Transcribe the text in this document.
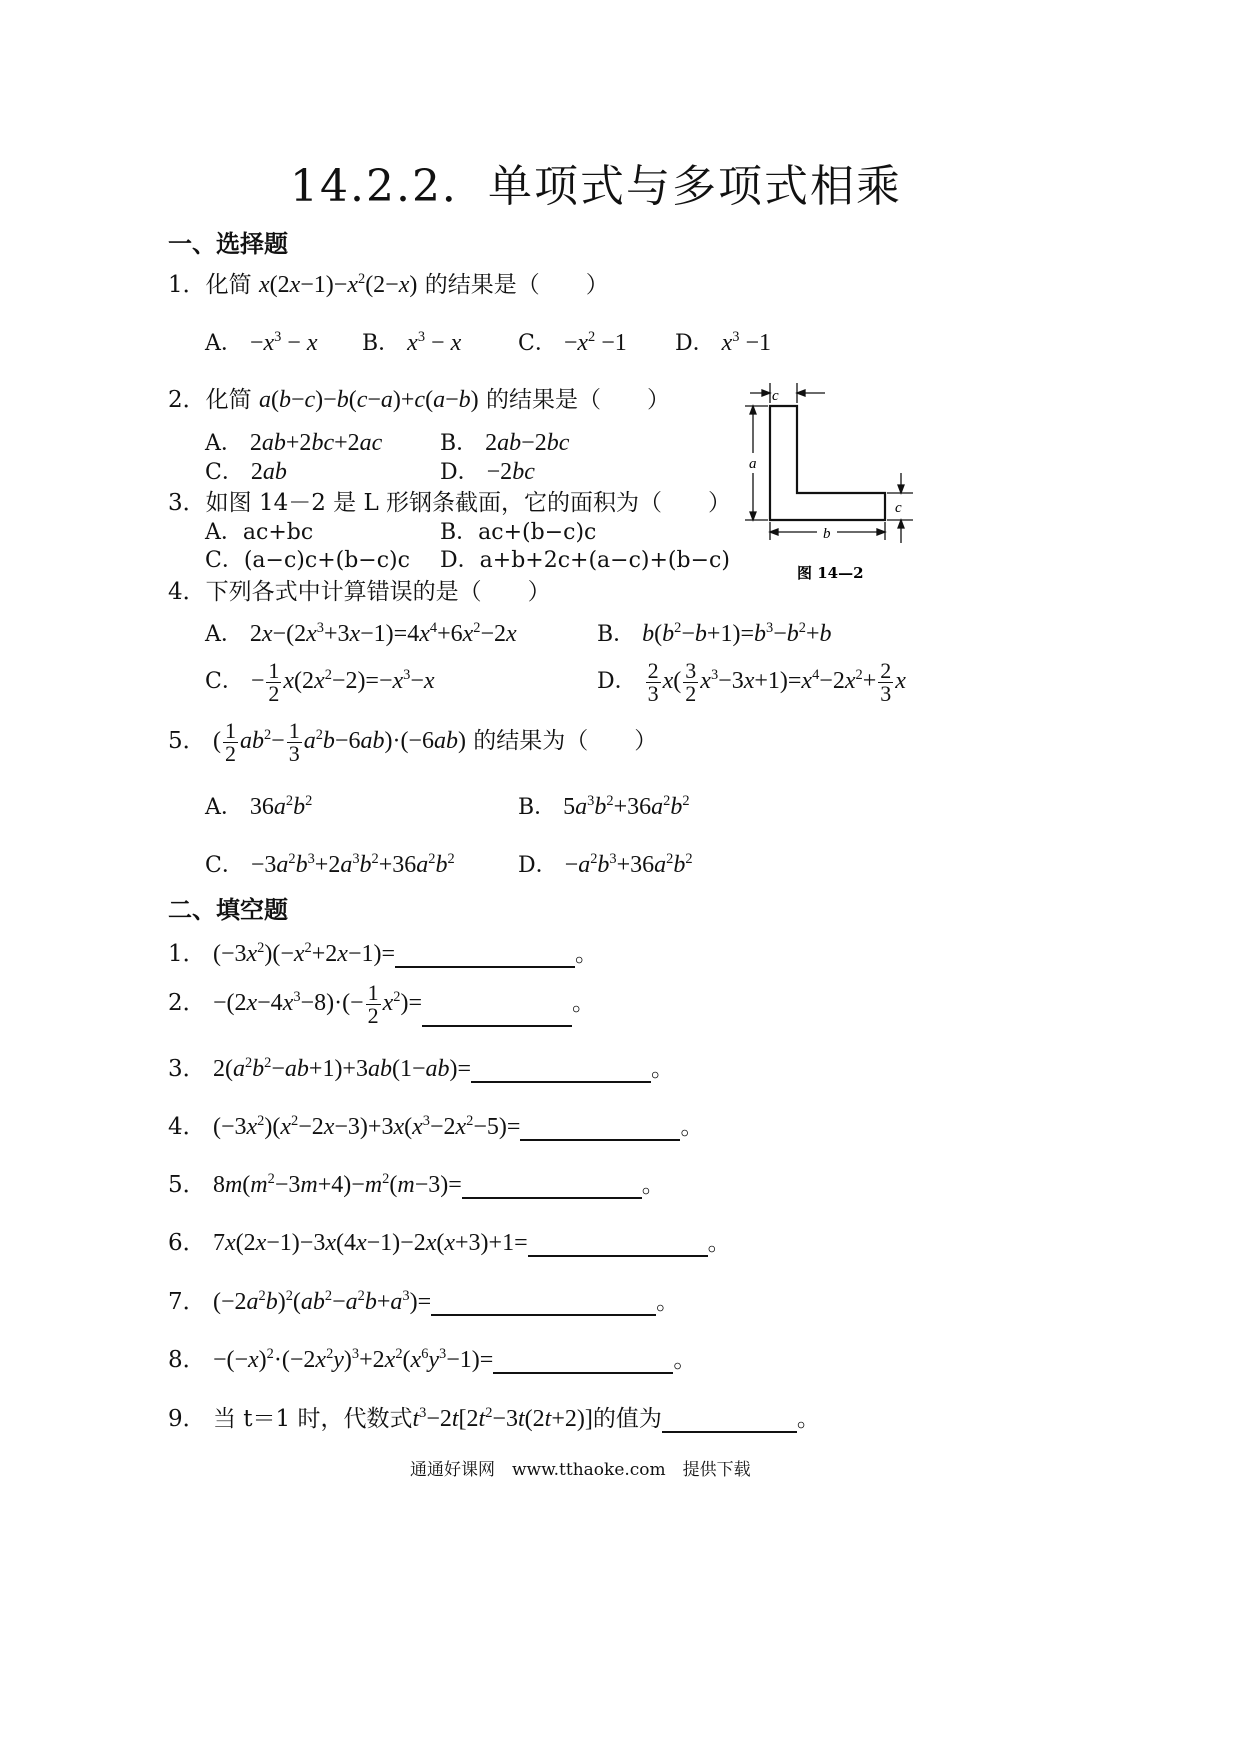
14.2.2．单项式与多项式相乘
一、选择题
1．化简 $x(2x-1)-x^2(2-x)$ 的结果是（　　）
A． $-x^3 - x$ B． $x^3 - x$	C． $-x^2 -1$ D． $x^3 -1$
2．化简 a(b−c)−b(c−a)+c(a−b) 的结果是（　　）
A． 2ab+2bc+2ac	B． 2ab−2bc
C． 2ab	D． −2bc
3．如图 14－2 是 L 形钢条截面，它的面积为（　　）
A．ac+bc	B．ac+(b−c)c
C．(a−c)c+(b−c)c D．a+b+2c+(a−c)+(b−c)
c
a
c
b
图 14—2
4．下列各式中计算错误的是（　　）
A． $2x-(2x^3+3x-1)=4x^4+6x^2-2x$	B． $b(b^2-b+1)=b^3-b^2+b$
C． − $\frac{1}{2} x(2x^2-2)=-x^3-x$	D． $\frac{2}{3} x( \frac{3}{2} x^3-3x+1)=x^4-2x^2+ \frac{2}{3}$ x
5． ( $\frac{1}{2} ab^2- \frac{1}{3} a^2b-6ab)\cdot(-6ab)$ 的结果为（　　）
A． $36a^2b^2$	B． $5a^3b^2+36a^2b^2$
C． $-3a^2b^3+2a^3b^2+36a^2b^2$	D． $-a^2b^3+36a^2b^2$
二、填空题
1． $(-3x^2)(-x^2+2x-1)=$	。
2． $-(2x-4x^3-8)\cdot(- \frac{1}{2} x^2)=$	。
3． $2(a^2b^2-ab+1)+3ab(1-ab)=$	。
4． $(-3x^2)(x^2-2x-3)+3x(x^3-2x^2-5)=$	。
5． $8m(m^2-3m+4)-m^2(m-3)=$	。
6． 7x(2x−1)−3x(4x−1)−2x(x+3)+1=	。
7． $(-2a^2b)^2(ab^2-a^2b+a^3)=$	。
8． $-(-x)^2\cdot(-2x^2y)^3+2x^2(x^6y^3-1)=$	。
9． 当 t＝1 时，代数式$t^3-2t[2t^2-3t(2t+2)]$的值为	。
通通好课网　www.tthaoke.com　提供下载
